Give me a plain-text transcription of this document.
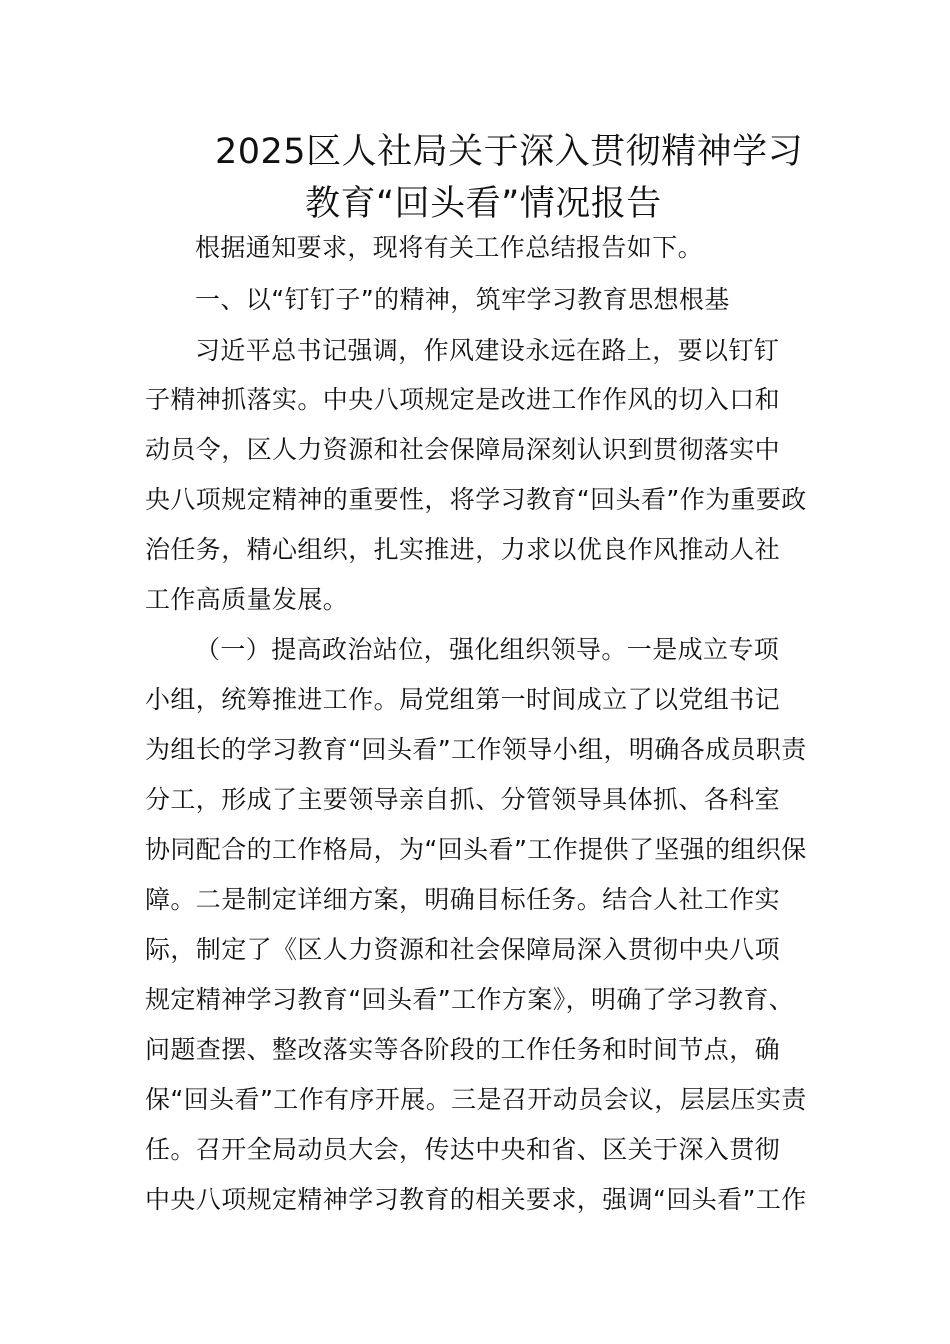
2025区人社局关于深入贯彻精神学习
教育“回头看”情况报告
根据通知要求，现将有关工作总结报告如下。
一、以“钉钉子”的精神，筑牢学习教育思想根基
习近平总书记强调，作风建设永远在路上，要以钉钉
子精神抓落实。中央八项规定是改进工作作风的切入口和
动员令，区人力资源和社会保障局深刻认识到贯彻落实中
央八项规定精神的重要性，将学习教育“回头看”作为重要政
治任务，精心组织，扎实推进，力求以优良作风推动人社
工作高质量发展。
（一）提高政治站位，强化组织领导。一是成立专项
小组，统筹推进工作。局党组第一时间成立了以党组书记
为组长的学习教育“回头看”工作领导小组，明确各成员职责
分工，形成了主要领导亲自抓、分管领导具体抓、各科室
协同配合的工作格局，为“回头看”工作提供了坚强的组织保
障。二是制定详细方案，明确目标任务。结合人社工作实
际，制定了《区人力资源和社会保障局深入贯彻中央八项
规定精神学习教育“回头看”工作方案》，明确了学习教育、
问题查摆、整改落实等各阶段的工作任务和时间节点，确
保“回头看”工作有序开展。三是召开动员会议，层层压实责
任。召开全局动员大会，传达中央和省、区关于深入贯彻
中央八项规定精神学习教育的相关要求，强调“回头看”工作
